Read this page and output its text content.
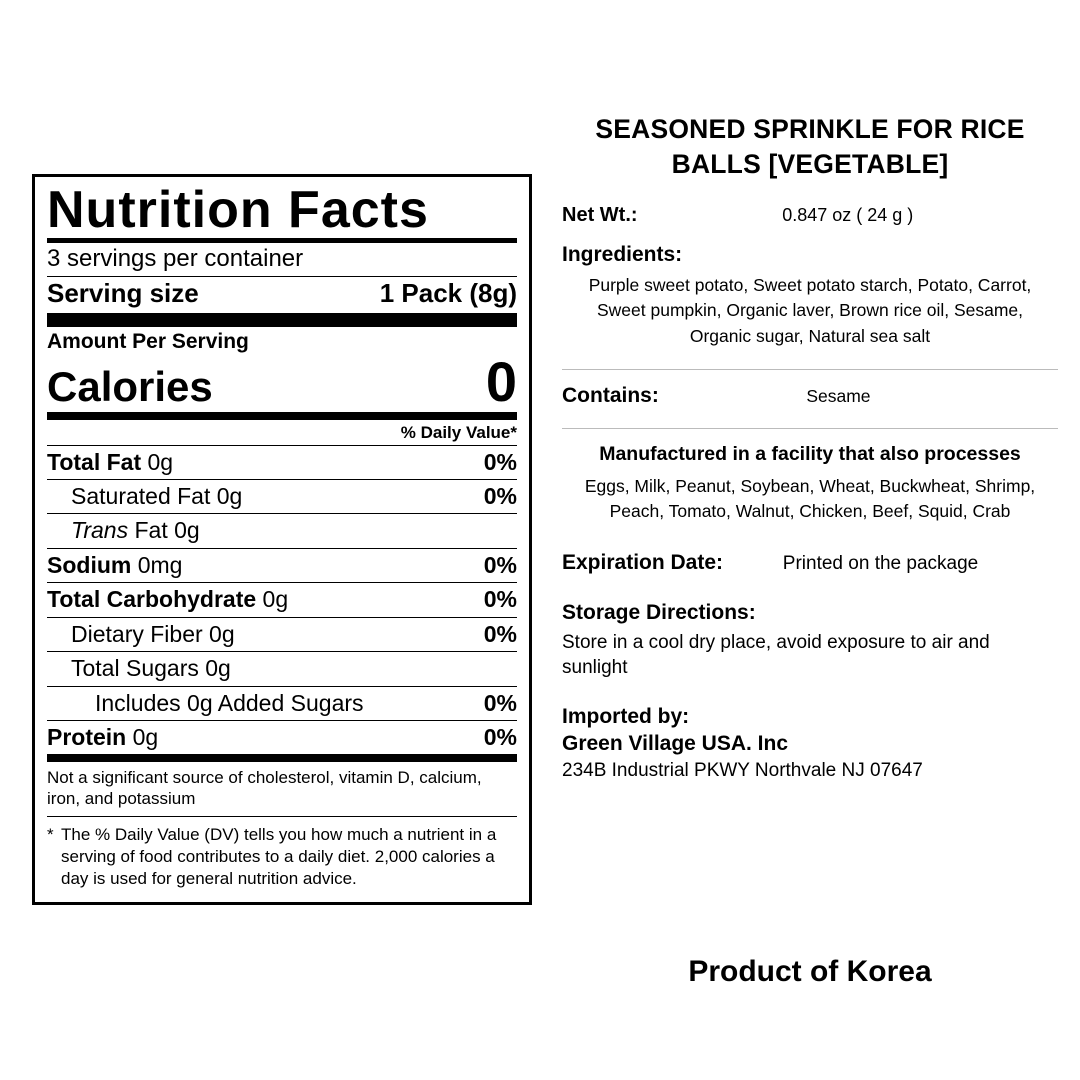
Nutrition Facts
3 servings per container
Serving size	1 Pack (8g)
Amount Per Serving
Calories	0
% Daily Value*
Total Fat 0g	0%
Saturated Fat 0g	0%
Trans Fat 0g
Sodium 0mg	0%
Total Carbohydrate 0g	0%
Dietary Fiber 0g	0%
Total Sugars 0g
Includes 0g Added Sugars	0%
Protein 0g	0%
Not a significant source of cholesterol, vitamin D, calcium, iron, and potassium
* The % Daily Value (DV) tells you how much a nutrient in a serving of food contributes to a daily diet. 2,000 calories a day is used for general nutrition advice.
SEASONED SPRINKLE FOR RICE BALLS [VEGETABLE]
Net Wt.:	0.847 oz ( 24 g )
Ingredients:
Purple sweet potato, Sweet potato starch, Potato, Carrot, Sweet pumpkin, Organic laver, Brown rice oil, Sesame, Organic sugar, Natural sea salt
Contains:	Sesame
Manufactured in a facility that also processes
Eggs, Milk, Peanut, Soybean, Wheat, Buckwheat, Shrimp, Peach, Tomato, Walnut, Chicken, Beef, Squid, Crab
Expiration Date:	Printed on the package
Storage Directions:
Store in a cool dry place, avoid exposure to air and sunlight
Imported by:
Green Village USA. Inc
234B Industrial PKWY Northvale NJ 07647
Product of Korea
